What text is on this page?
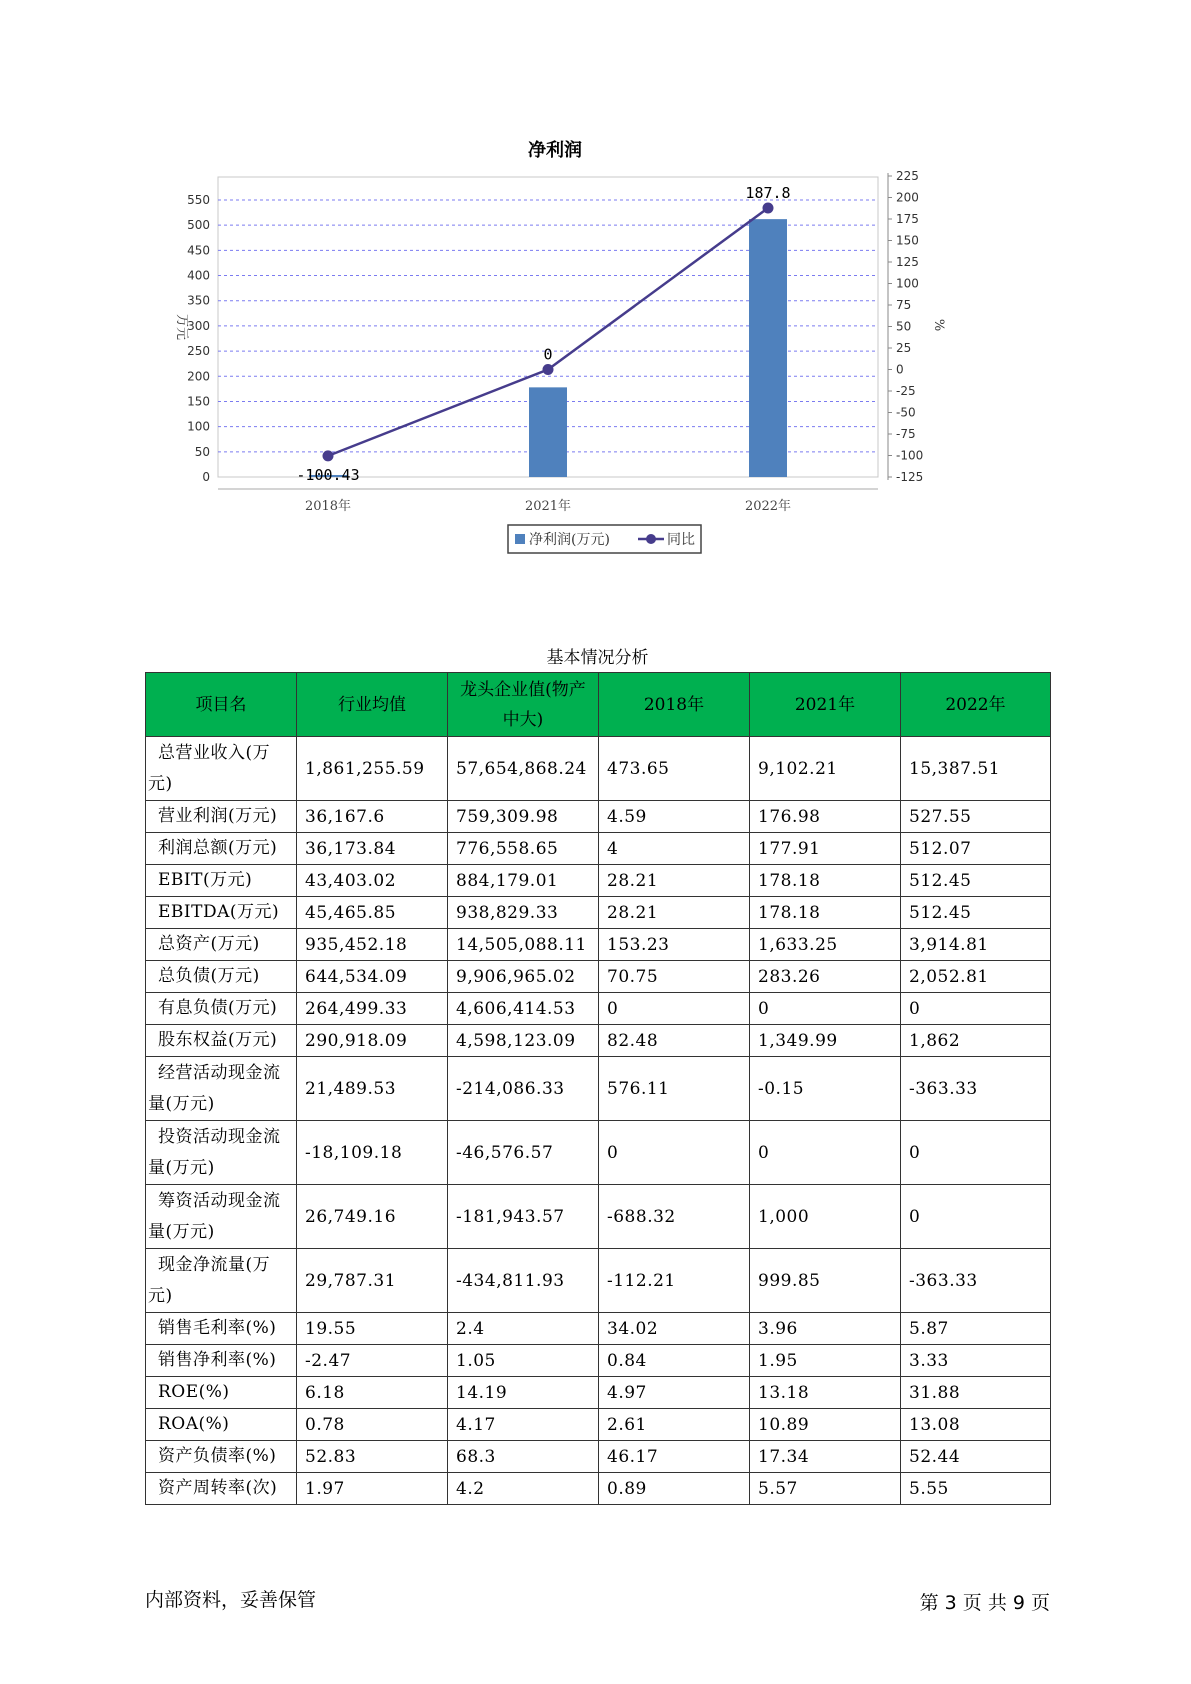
净利润
0
50
100
150
200
250
300
350
400
450
500
550
-125
-100
-75
-50
-25
0
25
50
75
100
125
150
175
200
225
万元	%
2018年	2021年	2022年
-100.43
0
187.8
净利润(万元)	同比
基本情况分析
项目名	行业均值	龙头企业值(物产中大)	2018年	2021年	2022年
总营业收入(万元)	1,861,255.59	57,654,868.24	473.65	9,102.21	15,387.51
营业利润(万元)	36,167.6	759,309.98	4.59	176.98	527.55
利润总额(万元)	36,173.84	776,558.65	4	177.91	512.07
EBIT(万元)	43,403.02	884,179.01	28.21	178.18	512.45
EBITDA(万元)	45,465.85	938,829.33	28.21	178.18	512.45
总资产(万元)	935,452.18	14,505,088.11	153.23	1,633.25	3,914.81
总负债(万元)	644,534.09	9,906,965.02	70.75	283.26	2,052.81
有息负债(万元)	264,499.33	4,606,414.53	0	0	0
股东权益(万元)	290,918.09	4,598,123.09	82.48	1,349.99	1,862
经营活动现金流量(万元)	21,489.53	-214,086.33	576.11	-0.15	-363.33
投资活动现金流量(万元)	-18,109.18	-46,576.57	0	0	0
筹资活动现金流量(万元)	26,749.16	-181,943.57	-688.32	1,000	0
现金净流量(万元)	29,787.31	-434,811.93	-112.21	999.85	-363.33
销售毛利率(%)	19.55	2.4	34.02	3.96	5.87
销售净利率(%)	-2.47	1.05	0.84	1.95	3.33
ROE(%)	6.18	14.19	4.97	13.18	31.88
ROA(%)	0.78	4.17	2.61	10.89	13.08
资产负债率(%)	52.83	68.3	46.17	17.34	52.44
资产周转率(次)	1.97	4.2	0.89	5.57	5.55
内部资料，妥善保管	第 3 页 共 9 页
